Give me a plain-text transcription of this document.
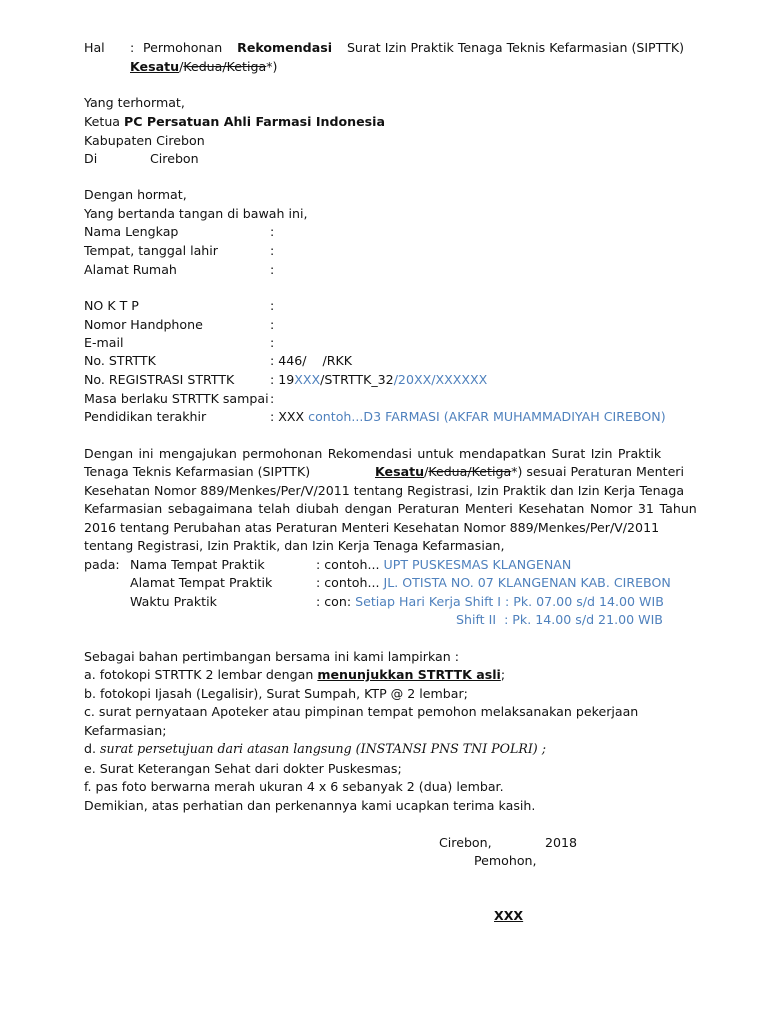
Hal : Permohonan Rekomendasi Surat Izin Praktik Tenaga Teknis Kefarmasian (SIPTTK)
Kesatu/Kedua/Ketiga*)
Yang terhormat,
Ketua PC Persatuan Ahli Farmasi Indonesia
Kabupaten Cirebon
Di	Cirebon
Dengan hormat,
Yang bertanda tangan di bawah ini,
Nama Lengkap	:
Tempat, tanggal lahir	:
Alamat Rumah	:
NO K T P	:
Nomor Handphone	:
E-mail	:
No. STRTTK	: 446/    /RKK
No. REGISTRASI STRTTK	: 19XXX/STRTTK_32/20XX/XXXXXX
Masa berlaku STRTTK sampai :
Pendidikan terakhir	: XXX contoh...D3 FARMASI (AKFAR MUHAMMADIYAH CIREBON)
Dengan ini mengajukan permohonan Rekomendasi untuk mendapatkan Surat Izin Praktik
Tenaga Teknis Kefarmasian (SIPTTK)	Kesatu/Kedua/Ketiga*) sesuai Peraturan Menteri
Kesehatan Nomor 889/Menkes/Per/V/2011 tentang Registrasi, Izin Praktik dan Izin Kerja Tenaga
Kefarmasian sebagaimana telah diubah dengan Peraturan Menteri Kesehatan Nomor 31 Tahun
2016 tentang Perubahan atas Peraturan Menteri Kesehatan Nomor 889/Menkes/Per/V/2011
tentang Registrasi, Izin Praktik, dan Izin Kerja Tenaga Kefarmasian,
pada: Nama Tempat Praktik	: contoh... UPT PUSKESMAS KLANGENAN
Alamat Tempat Praktik	: contoh... JL. OTISTA NO. 07 KLANGENAN KAB. CIREBON
Waktu Praktik	: con: Setiap Hari Kerja Shift I : Pk. 07.00 s/d 14.00 WIB
Shift II  : Pk. 14.00 s/d 21.00 WIB
Sebagai bahan pertimbangan bersama ini kami lampirkan :
a. fotokopi STRTTK 2 lembar dengan menunjukkan STRTTK asli;
b. fotokopi Ijasah (Legalisir), Surat Sumpah, KTP @ 2 lembar;
c. surat pernyataan Apoteker atau pimpinan tempat pemohon melaksanakan pekerjaan
Kefarmasian;
d. surat persetujuan dari atasan langsung (INSTANSI PNS TNI POLRI) ;
e. Surat Keterangan Sehat dari dokter Puskesmas;
f. pas foto berwarna merah ukuran 4 x 6 sebanyak 2 (dua) lembar.
Demikian, atas perhatian dan perkenannya kami ucapkan terima kasih.
Cirebon,	2018
Pemohon,
XXX
